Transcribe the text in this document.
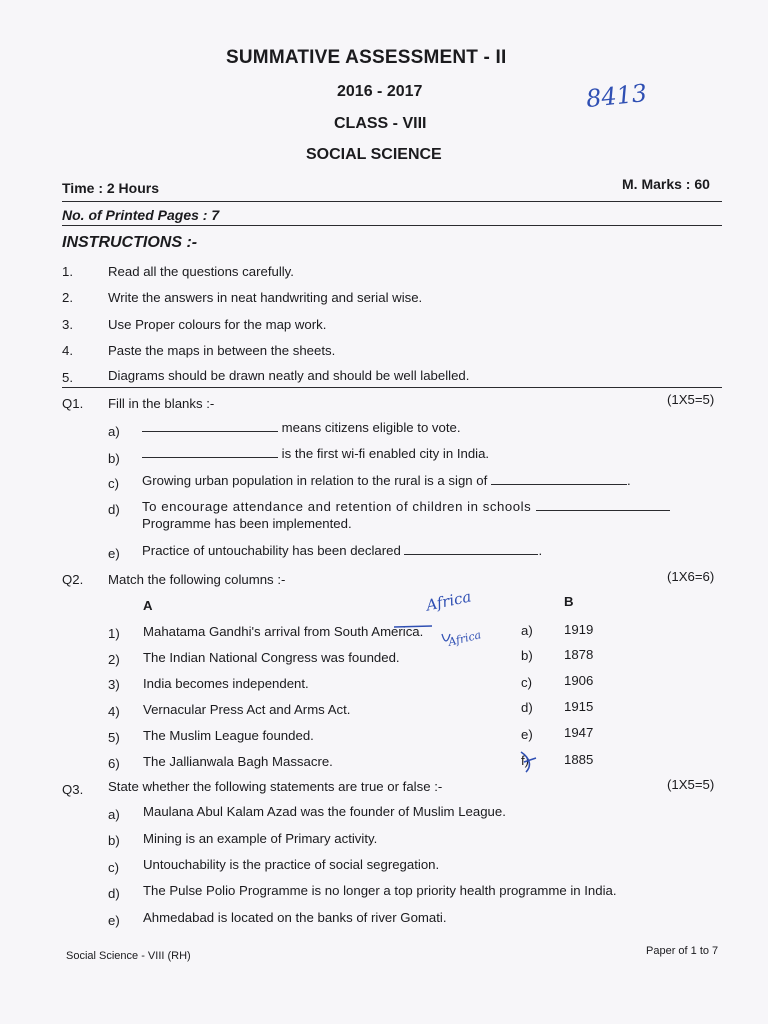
SUMMATIVE ASSESSMENT - II
2016 - 2017
CLASS - VIII
SOCIAL SCIENCE
8413
Time : 2 Hours	M. Marks : 60
No. of Printed Pages : 7
INSTRUCTIONS :-
1.	Read all the questions carefully.
2.	Write the answers in neat handwriting and serial wise.
3.	Use Proper colours for the map work.
4.	Paste the maps in between the sheets.
5.	Diagrams should be drawn neatly and should be well labelled.
Q1. Fill in the blanks :-	(1X5=5)
a)	means citizens eligible to vote.
b)	is the first wi-fi enabled city in India.
c) Growing urban population in relation to the rural is a sign of	.
d) To encourage attendance and retention of children in schools
Programme has been implemented.
e) Practice of untouchability has been declared	.
Q2. Match the following columns :-	(1X6=6)
A	B
1) Mahatama Gandhi's arrival from South America.	a) 1919
2) The Indian National Congress was founded.	b) 1878
3) India becomes independent.	c) 1906
4) Vernacular Press Act and Arms Act.	d) 1915
5) The Muslim League founded.	e) 1947
6) The Jallianwala Bagh Massacre.	f)	1885
Africa
Africa
Q3. State whether the following statements are true or false :-	(1X5=5)
a) Maulana Abul Kalam Azad was the founder of Muslim League.
b) Mining is an example of Primary activity.
c) Untouchability is the practice of social segregation.
d) The Pulse Polio Programme is no longer a top priority health programme in India.
e) Ahmedabad is located on the banks of river Gomati.
Social Science - VIII (RH)	Paper of 1 to 7
